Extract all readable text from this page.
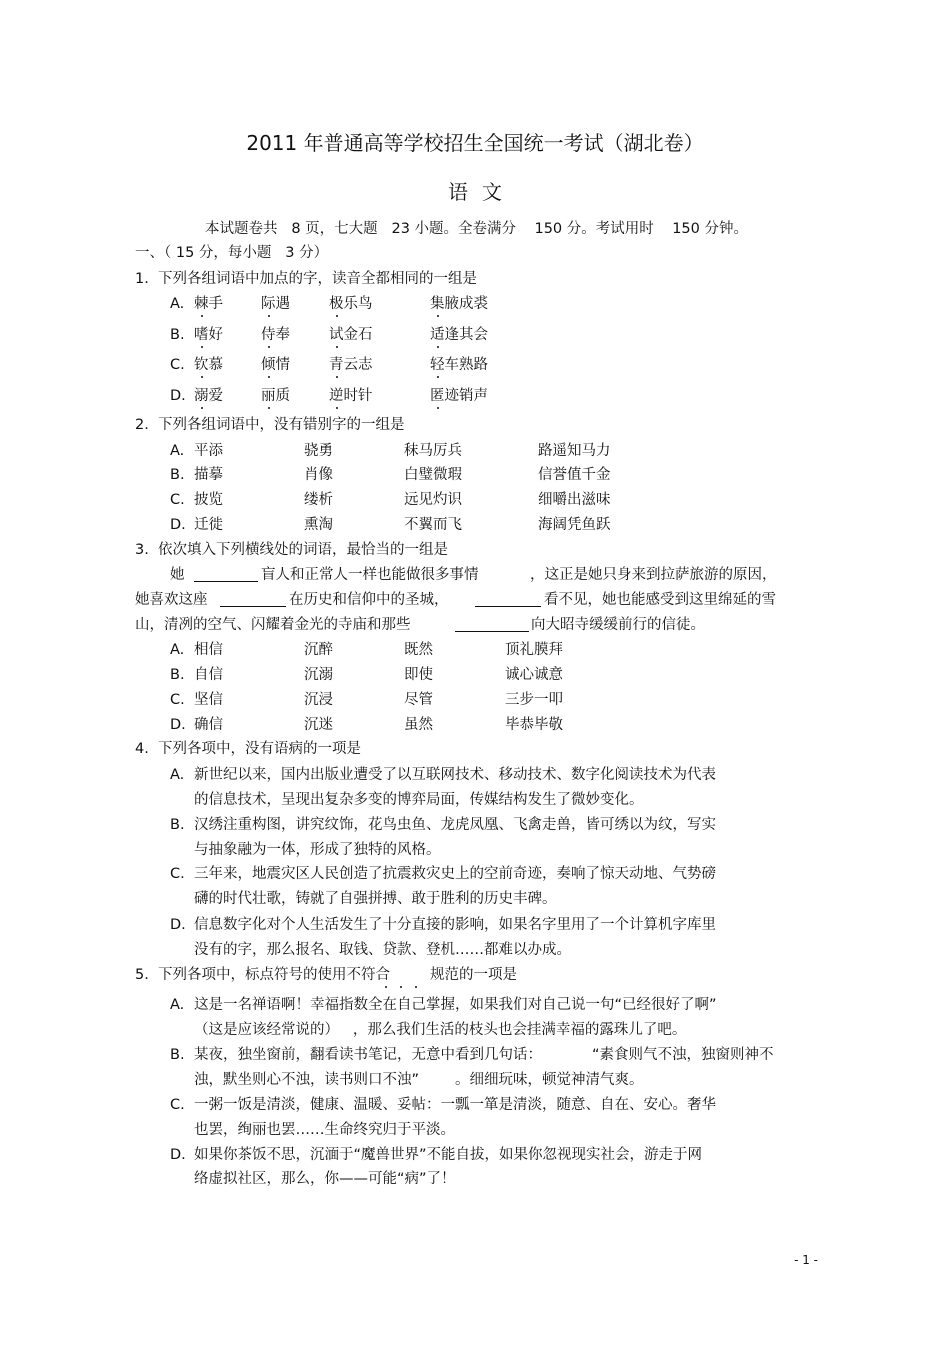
2011 年普通高等学校招生全国统一考试（湖北卷）
语文
本试题卷共   8 页，七大题   23 小题。全卷满分    150 分。考试用时    150 分钟。
一、（ 15 分，每小题   3 分）
1.  下列各组词语中加点的字，读音全都相同的一组是
A. 棘手	际遇	极乐鸟	集腋成裘
B. 嗜好	侍奉	试金石	适逢其会
C. 钦慕	倾情	青云志	轻车熟路
D. 溺爱	丽质	逆时针	匿迹销声
2.  下列各组词语中，没有错别字的一组是
A. 平添	骁勇	秣马厉兵	路遥知马力
B. 描摹	肖像	白璧微瑕	信誉值千金
C. 披览	缕析	远见灼识	细嚼出滋味
D. 迁徙	熏淘	不翼而飞	海阔凭鱼跃
3.  依次填入下列横线处的词语，最恰当的一组是
她	盲人和正常人一样也能做很多事情	，这正是她只身来到拉萨旅游的原因，
她喜欢这座	在历史和信仰中的圣城，	看不见，她也能感受到这里绵延的雪
山，清冽的空气、闪耀着金光的寺庙和那些	向大昭寺缓缓前行的信徒。
A. 相信	沉醉	既然	顶礼膜拜
B. 自信	沉溺	即使	诚心诚意
C. 坚信	沉浸	尽管	三步一叩
D. 确信	沉迷	虽然	毕恭毕敬
4.  下列各项中，没有语病的一项是
A. 新世纪以来，国内出版业遭受了以互联网技术、移动技术、数字化阅读技术为代表
的信息技术，呈现出复杂多变的博弈局面，传媒结构发生了微妙变化。
B. 汉绣注重构图，讲究纹饰，花鸟虫鱼、龙虎凤凰、飞禽走兽，皆可绣以为纹，写实
与抽象融为一体，形成了独特的风格。
C. 三年来，地震灾区人民创造了抗震救灾史上的空前奇迹，奏响了惊天动地、气势磅
礴的时代壮歌，铸就了自强拼搏、敢于胜利的历史丰碑。
D. 信息数字化对个人生活发生了十分直接的影响，如果名字里用了一个计算机字库里
没有的字，那么报名、取钱、贷款、登机……都难以办成。
5.  下列各项中，标点符号的使用不符合	规范的一项是
A. 这是一名禅语啊！幸福指数全在自己掌握，如果我们对自己说一句“已经很好了啊”
（这是应该经常说的）   ，那么我们生活的枝头也会挂满幸福的露珠儿了吧。
B. 某夜，独坐窗前，翻看读书笔记，无意中看到几句话：	“素食则气不浊，独窗则神不
浊，默坐则心不浊，读书则口不浊” 。细细玩味，顿觉神清气爽。
C. 一粥一饭是清淡，健康、温暖、妥帖：一瓢一箪是清淡，随意、自在、安心。奢华
也罢，绚丽也罢……生命终究归于平淡。
D. 如果你茶饭不思，沉湎于“魔兽世界”不能自拔，如果你忽视现实社会，游走于网
络虚拟社区，那么，你——可能“病”了！
- 1 -
